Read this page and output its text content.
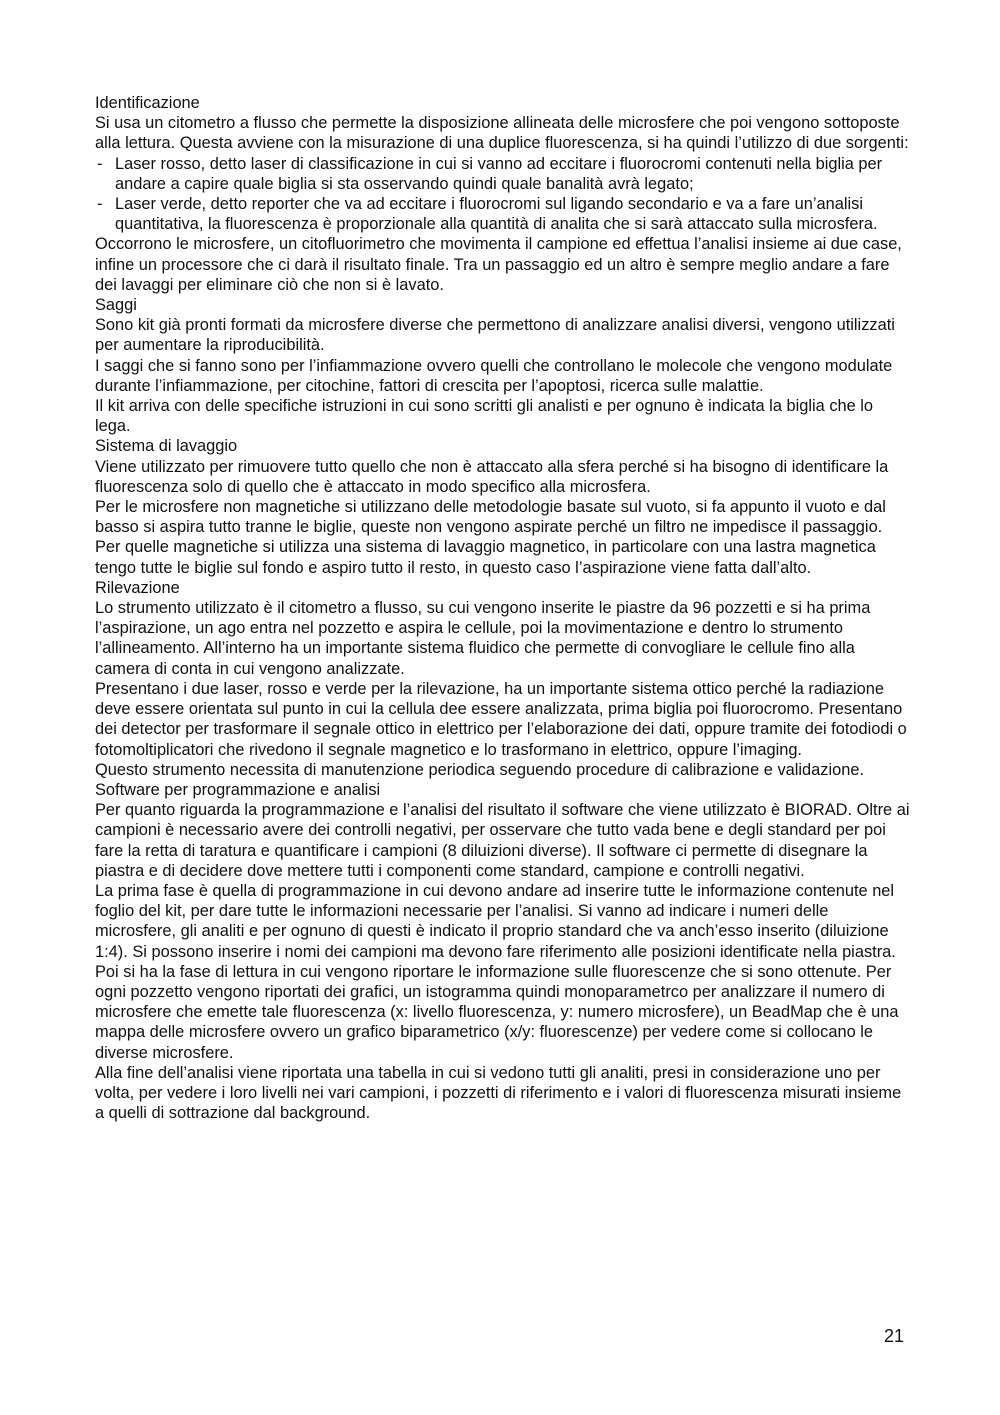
Identificazione

Si usa un citometro a flusso che permette la disposizione allineata delle microsfere che poi vengono sottoposte alla lettura. Questa avviene con la misurazione di una duplice fluorescenza, si ha quindi l’utilizzo di due sorgenti:

- Laser rosso, detto laser di classificazione in cui si vanno ad eccitare i fluorocromi contenuti nella biglia per andare a capire quale biglia si sta osservando quindi quale banalità avrà legato;
- Laser verde, detto reporter che va ad eccitare i fluorocromi sul ligando secondario e va a fare un’analisi quantitativa, la fluorescenza è proporzionale alla quantità di analita che si sarà attaccato sulla microsfera.

Occorrono le microsfere, un citofluorimetro che movimenta il campione ed effettua l’analisi insieme ai due case, infine un processore che ci darà il risultato finale. Tra un passaggio ed un altro è sempre meglio andare a fare dei lavaggi per eliminare ciò che non si è lavato.

Saggi

Sono kit già pronti formati da microsfere diverse che permettono di analizzare analisi diversi, vengono utilizzati per aumentare la riproducibilità.

I saggi che si fanno sono per l’infiammazione ovvero quelli che controllano le molecole che vengono modulate durante l’infiammazione, per citochine, fattori di crescita per l’apoptosi, ricerca sulle malattie.

Il kit arriva con delle specifiche istruzioni in cui sono scritti gli analisti e per ognuno è indicata la biglia che lo lega.

Sistema di lavaggio

Viene utilizzato per rimuovere tutto quello che non è attaccato alla sfera perché si ha bisogno di identificare la fluorescenza solo di quello che è attaccato in modo specifico alla microsfera.

Per le microsfere non magnetiche si utilizzano delle metodologie basate sul vuoto, si fa appunto il vuoto e dal basso si aspira tutto tranne le biglie, queste non vengono aspirate perché un filtro ne impedisce il passaggio. Per quelle magnetiche si utilizza una sistema di lavaggio magnetico, in particolare con una lastra magnetica tengo tutte le biglie sul fondo e aspiro tutto il resto, in questo caso l’aspirazione viene fatta dall’alto.

Rilevazione

Lo strumento utilizzato è il citometro a flusso, su cui vengono inserite le piastre da 96 pozzetti e si ha prima l’aspirazione, un ago entra nel pozzetto e aspira le cellule, poi la movimentazione e dentro lo strumento l’allineamento. All’interno ha un importante sistema fluidico che permette di convogliare le cellule fino alla camera di conta in cui vengono analizzate.

Presentano i due laser, rosso e verde per la rilevazione, ha un importante sistema ottico perché la radiazione deve essere orientata sul punto in cui la cellula dee essere analizzata, prima biglia poi fluorocromo. Presentano dei detector per trasformare il segnale ottico in elettrico per l’elaborazione dei dati, oppure tramite dei fotodiodi o fotomoltiplicatori che rivedono il segnale magnetico e lo trasformano in elettrico, oppure l’imaging.

Questo strumento necessita di manutenzione periodica seguendo procedure di calibrazione e validazione.

Software per programmazione e analisi

Per quanto riguarda la programmazione e l’analisi del risultato il software che viene utilizzato è BIORAD. Oltre ai campioni è necessario avere dei controlli negativi, per osservare che tutto vada bene e degli standard per poi fare la retta di taratura e quantificare i campioni (8 diluizioni diverse). Il software ci permette di disegnare la piastra e di decidere dove mettere tutti i componenti come standard, campione e controlli negativi.

La prima fase è quella di programmazione in cui devono andare ad inserire tutte le informazione contenute nel foglio del kit, per dare tutte le informazioni necessarie per l’analisi. Si vanno ad indicare i numeri delle microsfere, gli analiti e per ognuno di questi è indicato il proprio standard che va anch’esso inserito (diluizione 1:4). Si possono inserire i nomi dei campioni ma devono fare riferimento alle posizioni identificate nella piastra. Poi si ha la fase di lettura in cui vengono riportare le informazione sulle fluorescenze che si sono ottenute. Per ogni pozzetto vengono riportati dei grafici, un istogramma quindi monoparametrco per analizzare il numero di microsfere che emette tale fluorescenza (x: livello fluorescenza, y: numero microsfere), un BeadMap che è una mappa delle microsfere ovvero un grafico biparametrico (x/y: fluorescenze) per vedere come si collocano le diverse microsfere.

Alla fine dell’analisi viene riportata una tabella in cui si vedono tutti gli analiti, presi in considerazione uno per volta, per vedere i loro livelli nei vari campioni, i pozzetti di riferimento e i valori di fluorescenza misurati insieme a quelli di sottrazione dal background.

21
